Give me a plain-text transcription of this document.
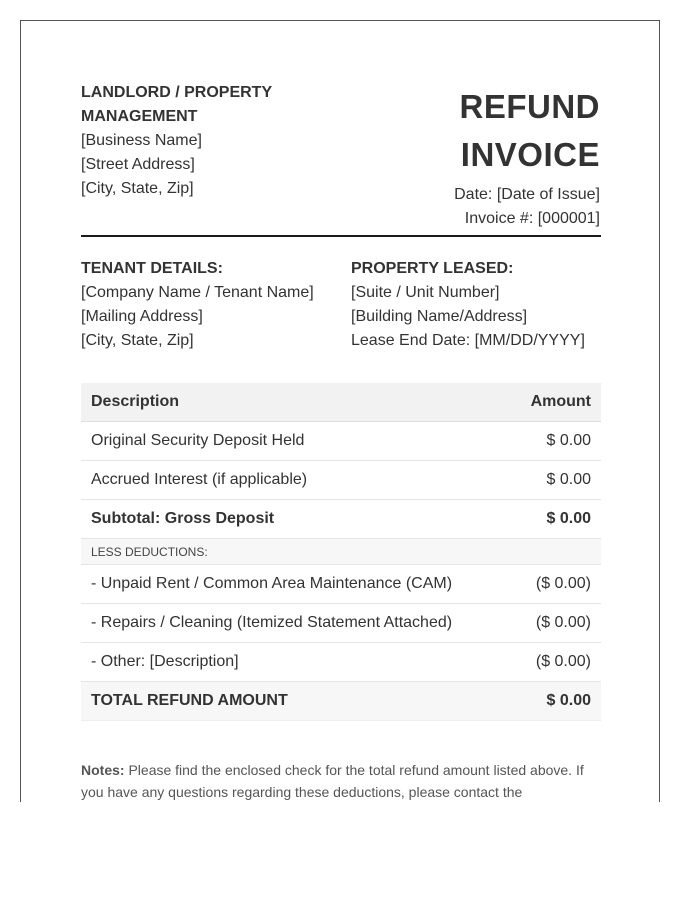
LANDLORD / PROPERTY
MANAGEMENT
[Business Name]
[Street Address]
[City, State, Zip]
REFUND
INVOICE
Date: [Date of Issue]
Invoice #: [000001]
TENANT DETAILS:
[Company Name / Tenant Name]
[Mailing Address]
[City, State, Zip]
PROPERTY LEASED:
[Suite / Unit Number]
[Building Name/Address]
Lease End Date: [MM/DD/YYYY]
Description	Amount
Original Security Deposit Held	$ 0.00
Accrued Interest (if applicable)	$ 0.00
Subtotal: Gross Deposit	$ 0.00
LESS DEDUCTIONS:	
- Unpaid Rent / Common Area Maintenance (CAM)	($ 0.00)
- Repairs / Cleaning (Itemized Statement Attached)	($ 0.00)
- Other: [Description]	($ 0.00)
TOTAL REFUND AMOUNT	$ 0.00
Notes: Please find the enclosed check for the total refund amount listed above. If you have any questions regarding these deductions, please contact the
